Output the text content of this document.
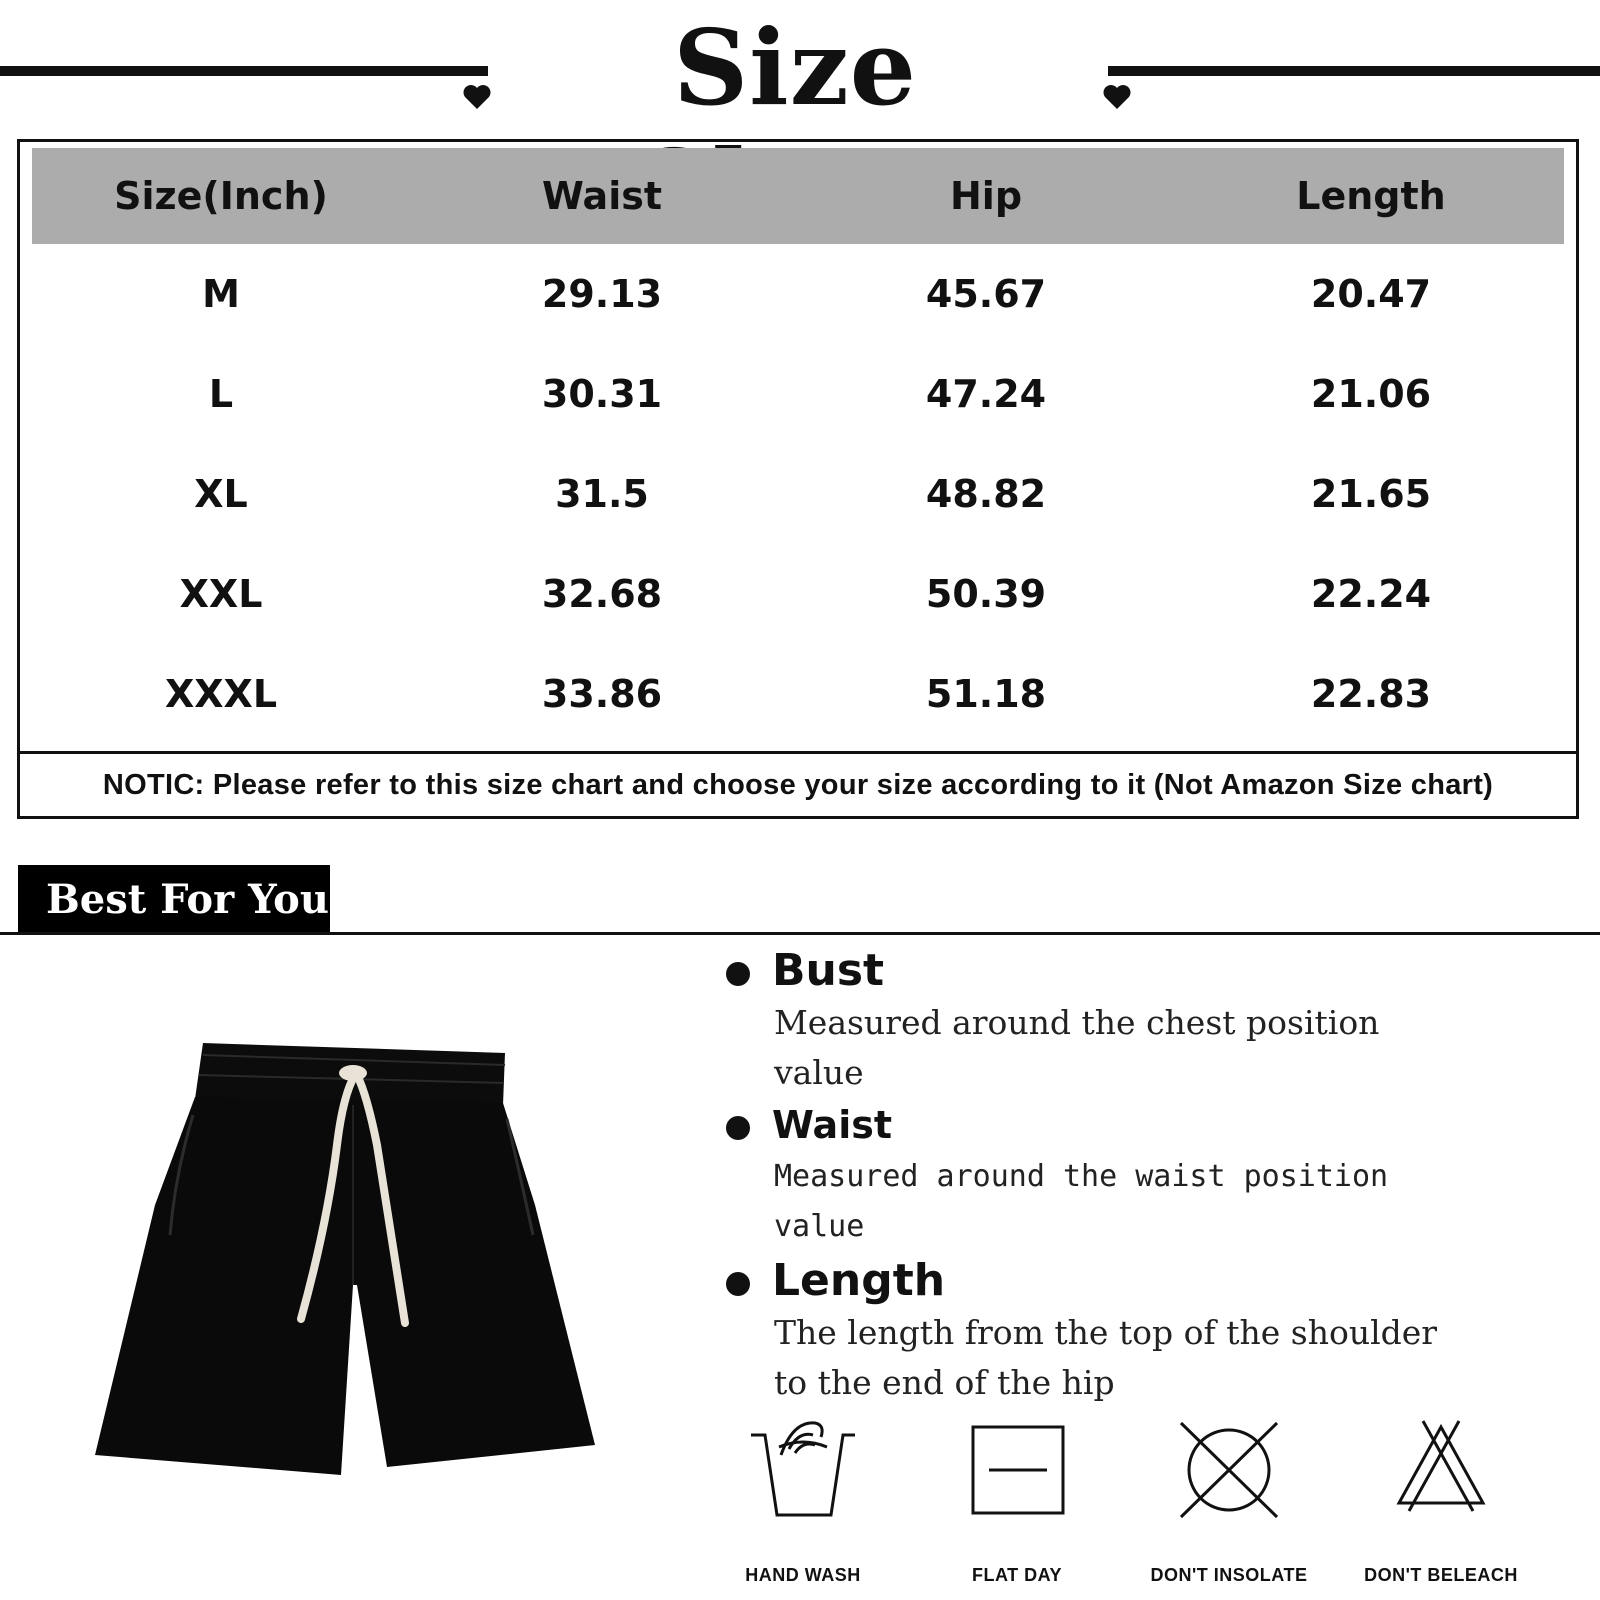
Size
Size(Inch)	Waist	Hip	Length
M	29.13	45.67	20.47
L	30.31	47.24	21.06
XL	31.5	48.82	21.65
XXL	32.68	50.39	22.24
XXXL	33.86	51.18	22.83
NOTIC: Please refer to this size chart and choose your size according to it (Not Amazon Size chart)
Best For You
Bust
Measured around the chest position value
Waist
Measured around the waist position value
Length
The length from the top of the shoulder to the end of the hip
HAND WASH	FLAT DAY	DON'T INSOLATE	DON'T BELEACH
